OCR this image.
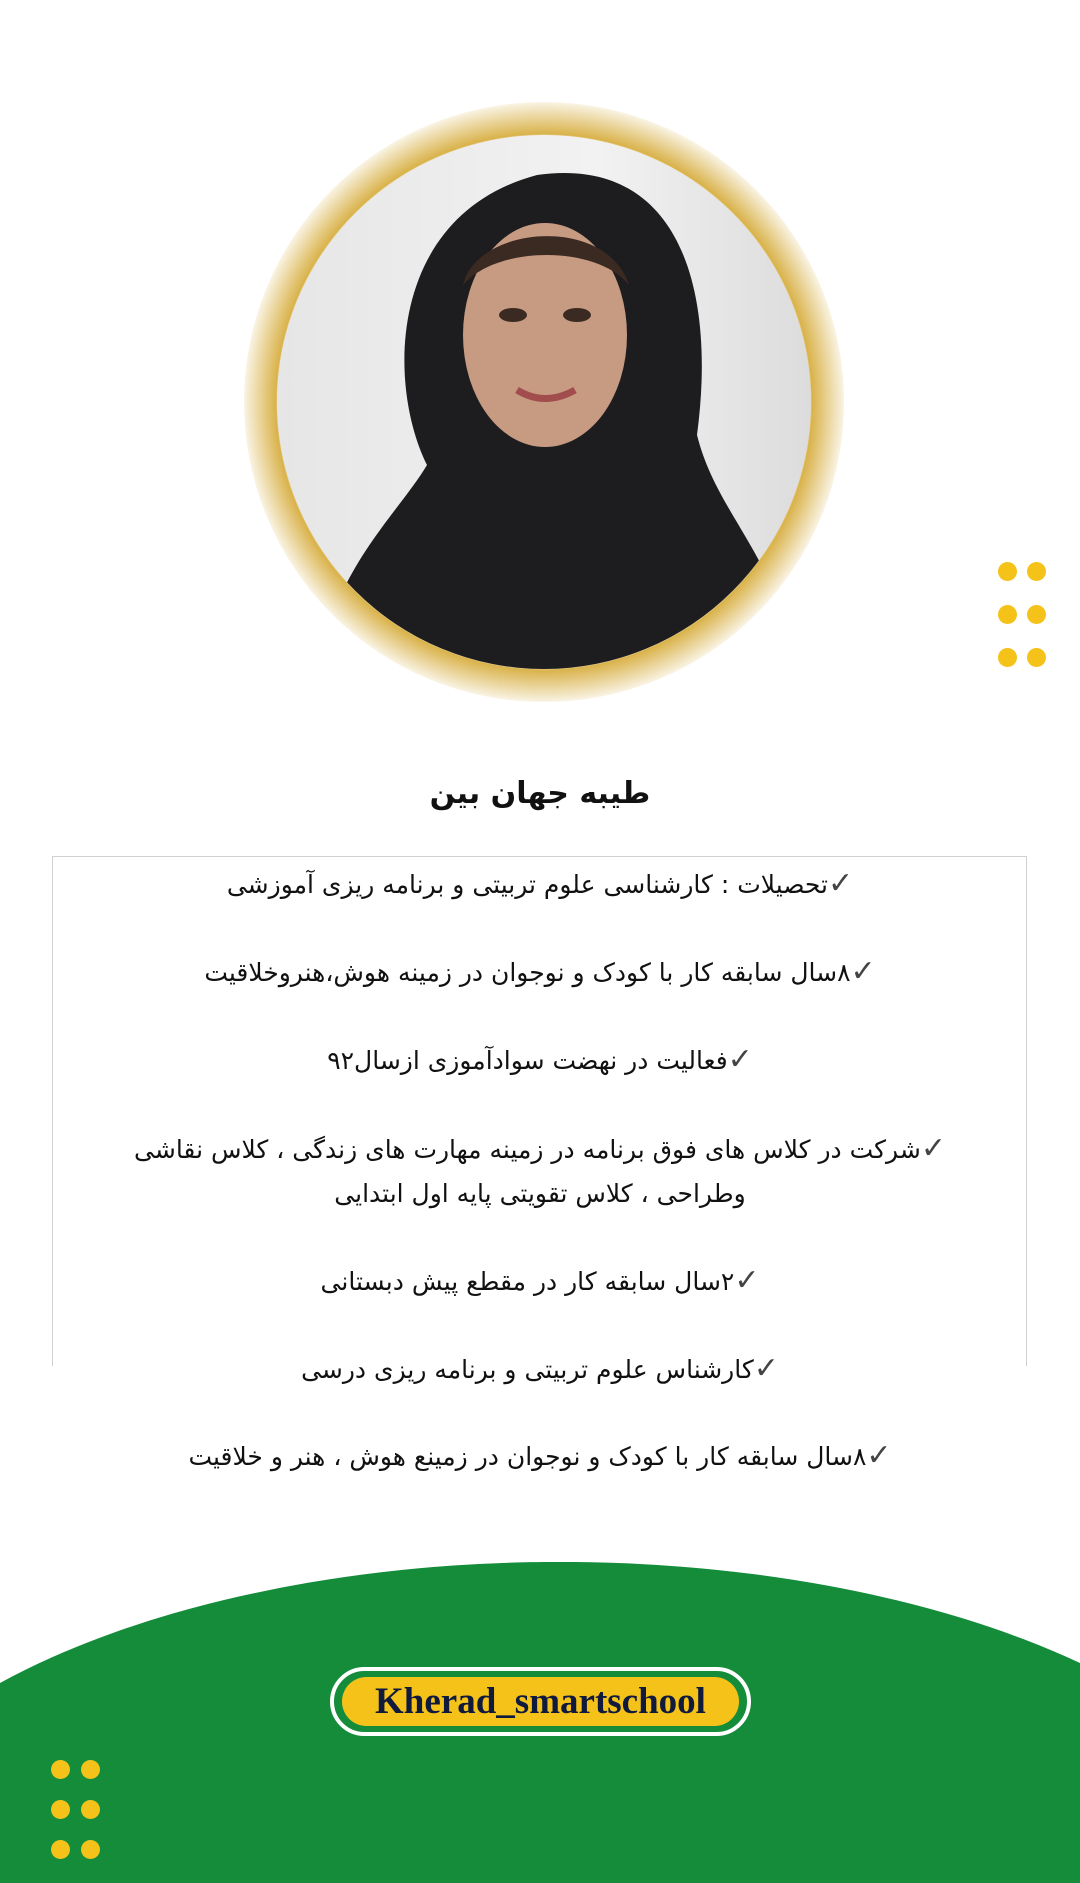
طیبه جهان بین
✓تحصیلات : کارشناسی علوم تربیتی و برنامه ریزی آموزشی
✓۸سال سابقه کار با کودک و نوجوان در زمینه هوش،هنروخلاقیت
✓فعالیت در نهضت سوادآموزی ازسال۹۲
✓شرکت در کلاس های فوق برنامه در زمینه مهارت های زندگی ، کلاس نقاشی وطراحی ، کلاس تقویتی پایه اول ابتدایی
✓۲سال سابقه کار در مقطع پیش دبستانی
✓کارشناس علوم تربیتی و برنامه ریزی درسی
✓۸سال سابقه کار با کودک و نوجوان در زمینع هوش ، هنر و خلاقیت
Kherad_smartschool
